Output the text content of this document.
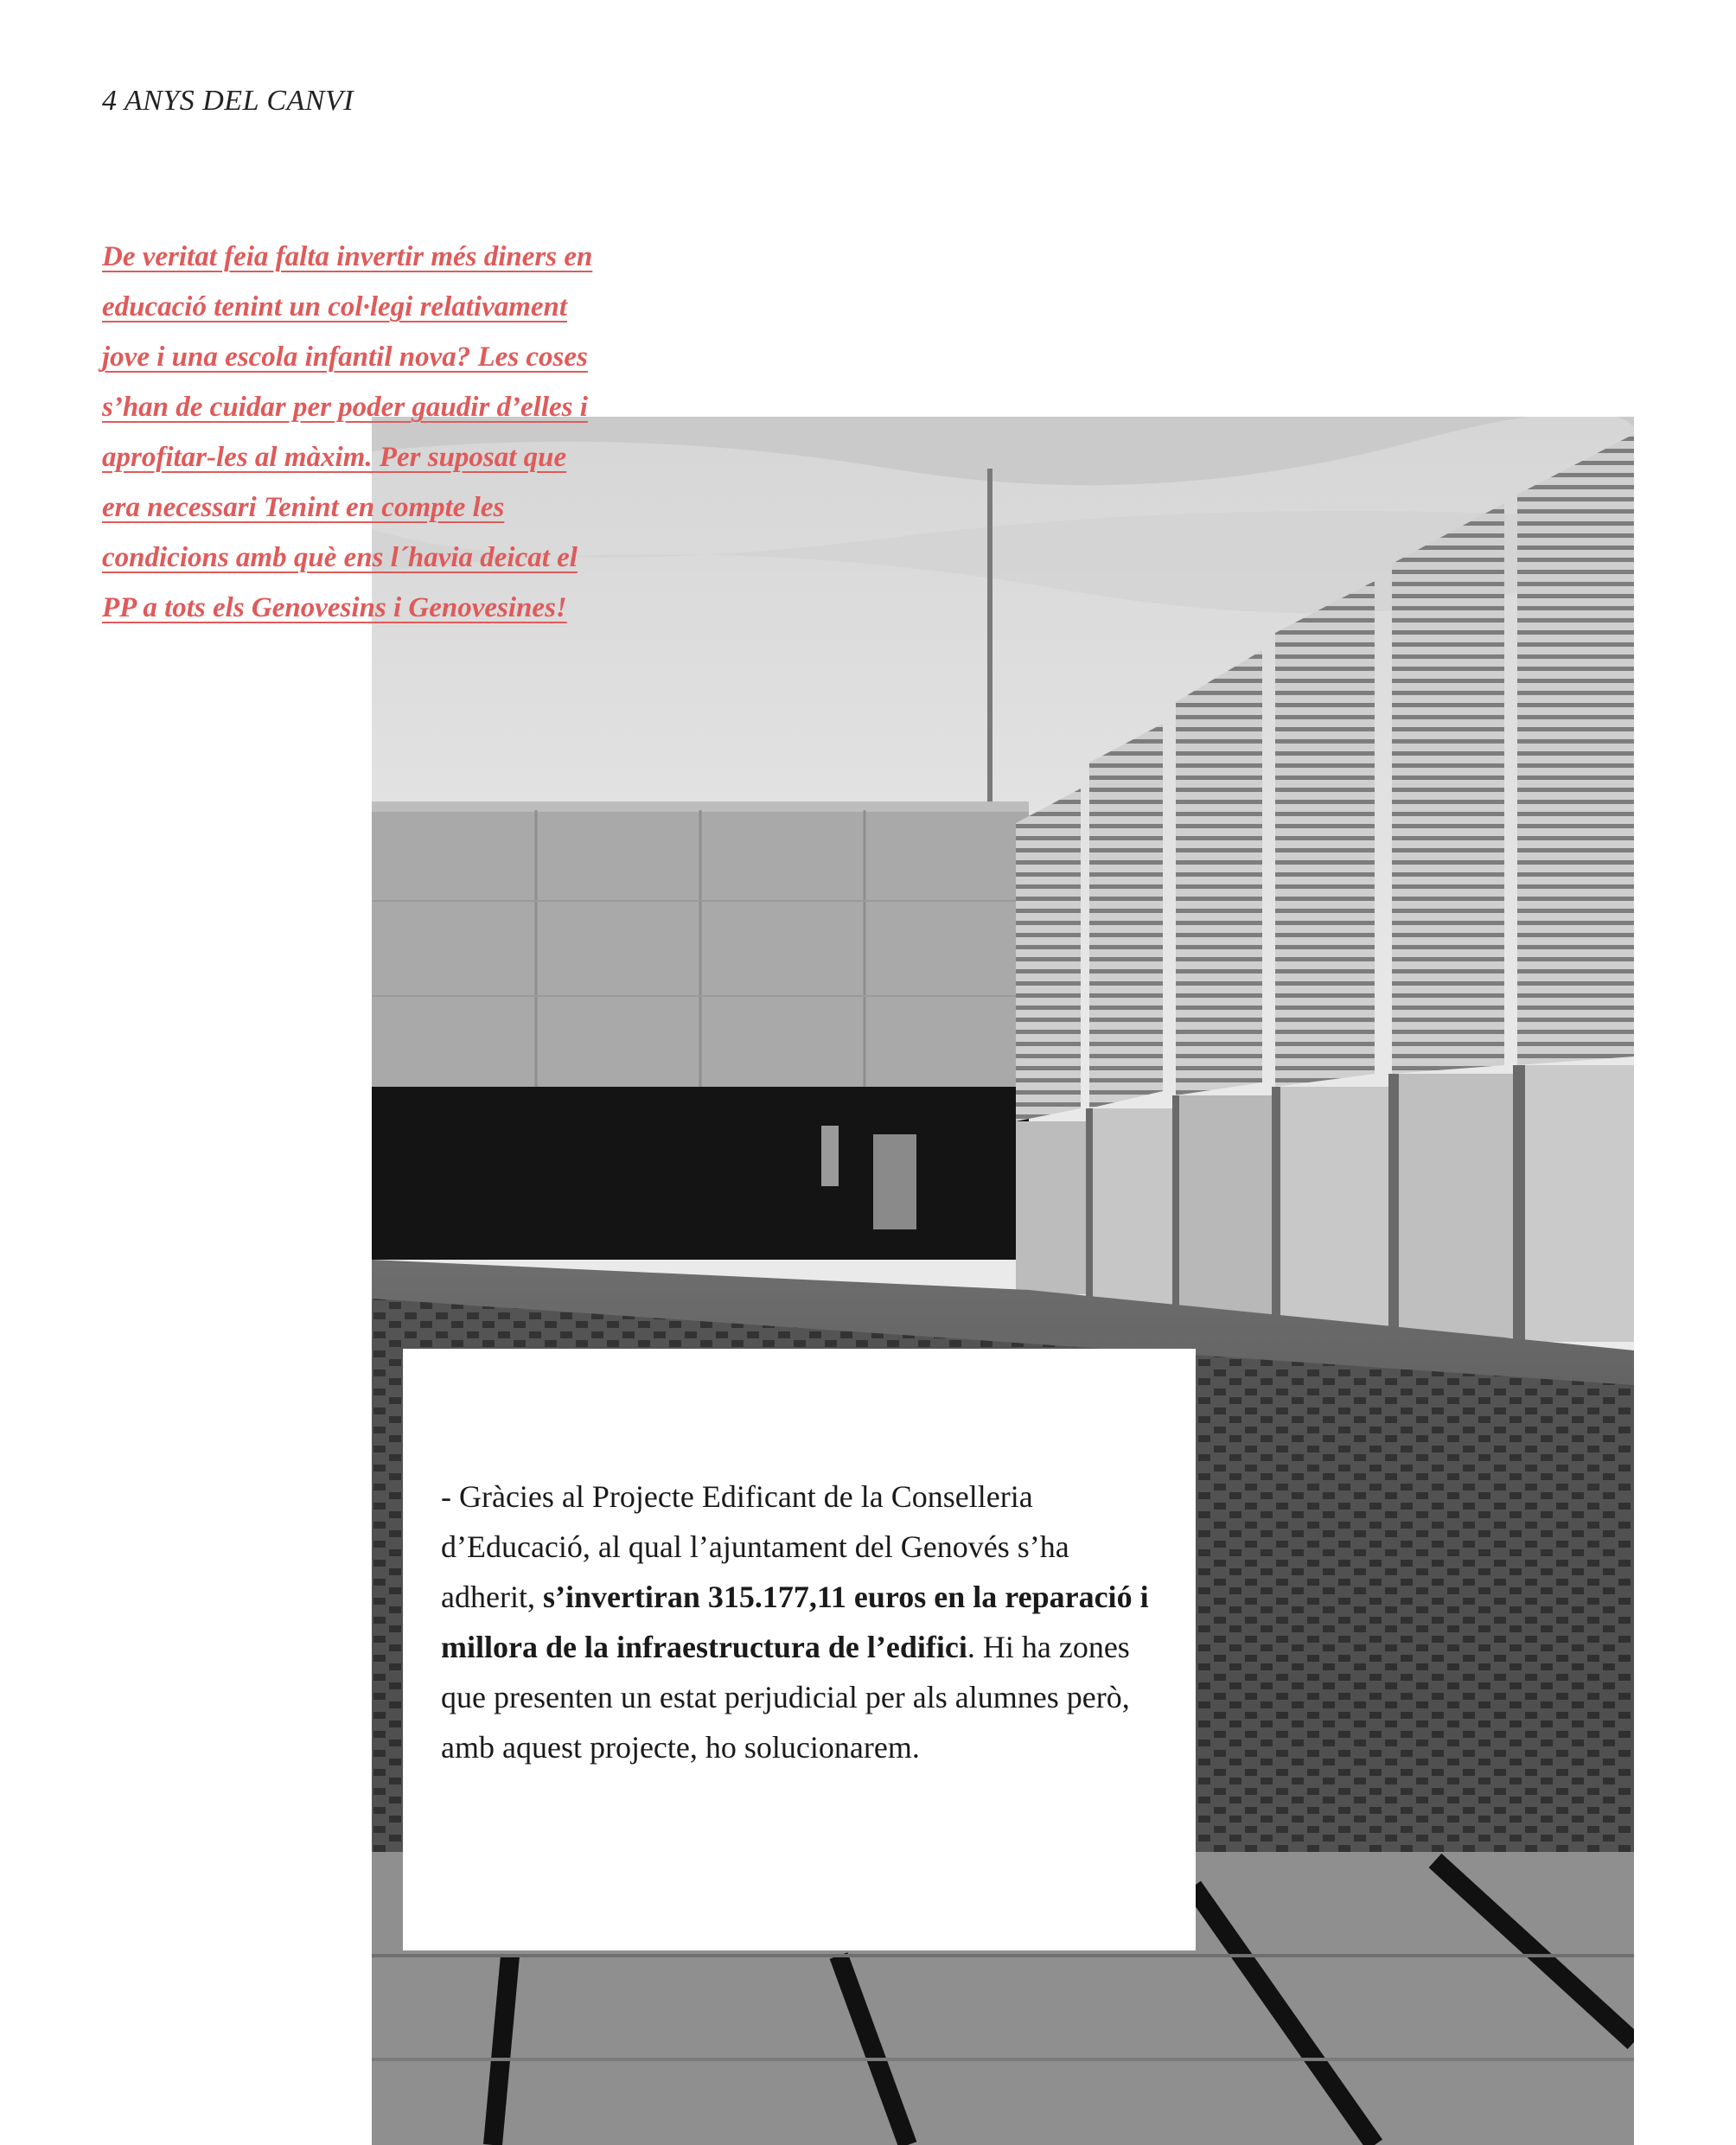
4 ANYS DEL CANVI
De veritat feia falta invertir més diners en educació tenint un col·legi relativament jove i una escola infantil nova? Les coses s’han de cuidar per poder gaudir d’elles i aprofitar-les al màxim. Per suposat que era necessari Tenint en compte les condicions amb què ens l´havia deicat el PP a tots els Genovesins i Genovesines!

- Gràcies al Projecte Edificant de la Conselleria d’Educació, al qual l’ajuntament del Genovés s’ha adherit, s’invertiran 315.177,11 euros en la reparació i millora de la infraestructura de l’edifici. Hi ha zones que presenten un estat perjudicial per als alumnes però, amb aquest projecte, ho solucionarem.
